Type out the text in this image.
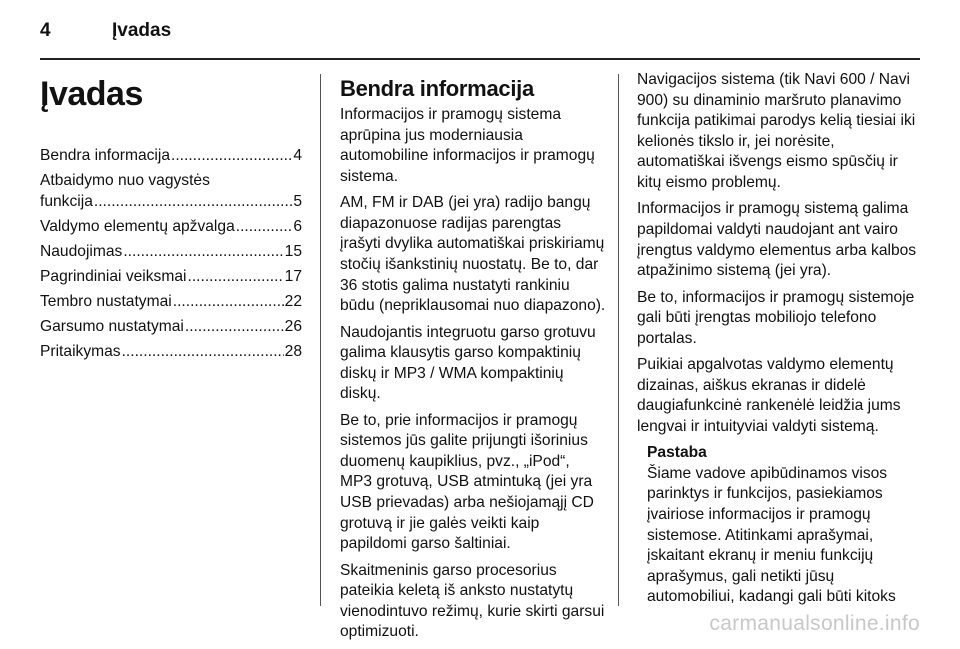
4	Įvadas
Įvadas
Bendra informacija .....	4
Atbaidymo nuo vagystės
funkcija .....	5
Valdymo elementų apžvalga .....	6
Naudojimas .....	15
Pagrindiniai veiksmai .....	17
Tembro nustatymai .....	22
Garsumo nustatymai .....	26
Pritaikymas .....	28
Bendra informacija

Informacijos ir pramogų sistema aprūpina jus moderniausia automobiline informacijos ir pramogų sistema.

AM, FM ir DAB (jei yra) radijo bangų diapazonuose radijas parengtas įrašyti dvylika automatiškai priskiriamų stočių išankstinių nuostatų. Be to, dar 36 stotis galima nustatyti rankiniu būdu (nepriklausomai nuo diapazono).

Naudojantis integruotu garso grotuvu galima klausytis garso kompaktinių diskų ir MP3 / WMA kompaktinių diskų.

Be to, prie informacijos ir pramogų sistemos jūs galite prijungti išorinius duomenų kaupiklius, pvz., „iPod“, MP3 grotuvą, USB atmintuką (jei yra USB prievadas) arba nešiojamąjį CD grotuvą ir jie galės veikti kaip papildomi garso šaltiniai.

Skaitmeninis garso procesorius pateikia keletą iš anksto nustatytų vienodintuvo režimų, kurie skirti garsui optimizuoti.

Navigacijos sistema (tik Navi 600 / Navi 900) su dinaminio maršruto planavimo funkcija patikimai parodys kelią tiesiai iki kelionės tikslo ir, jei norėsite, automatiškai išvengs eismo spūsčių ir kitų eismo problemų.

Informacijos ir pramogų sistemą galima papildomai valdyti naudojant ant vairo įrengtus valdymo elementus arba kalbos atpažinimo sistemą (jei yra).

Be to, informacijos ir pramogų sistemoje gali būti įrengtas mobiliojo telefono portalas.

Puikiai apgalvotas valdymo elementų dizainas, aiškus ekranas ir didelė daugiafunkcinė rankenėlė leidžia jums lengvai ir intuityviai valdyti sistemą.

Pastaba
Šiame vadove apibūdinamos visos parinktys ir funkcijos, pasiekiamos įvairiose informacijos ir pramogų sistemose. Atitinkami aprašymai, įskaitant ekranų ir meniu funkcijų aprašymus, gali netikti jūsų automobiliui, kadangi gali būti kitoks
carmanualsonline.info
